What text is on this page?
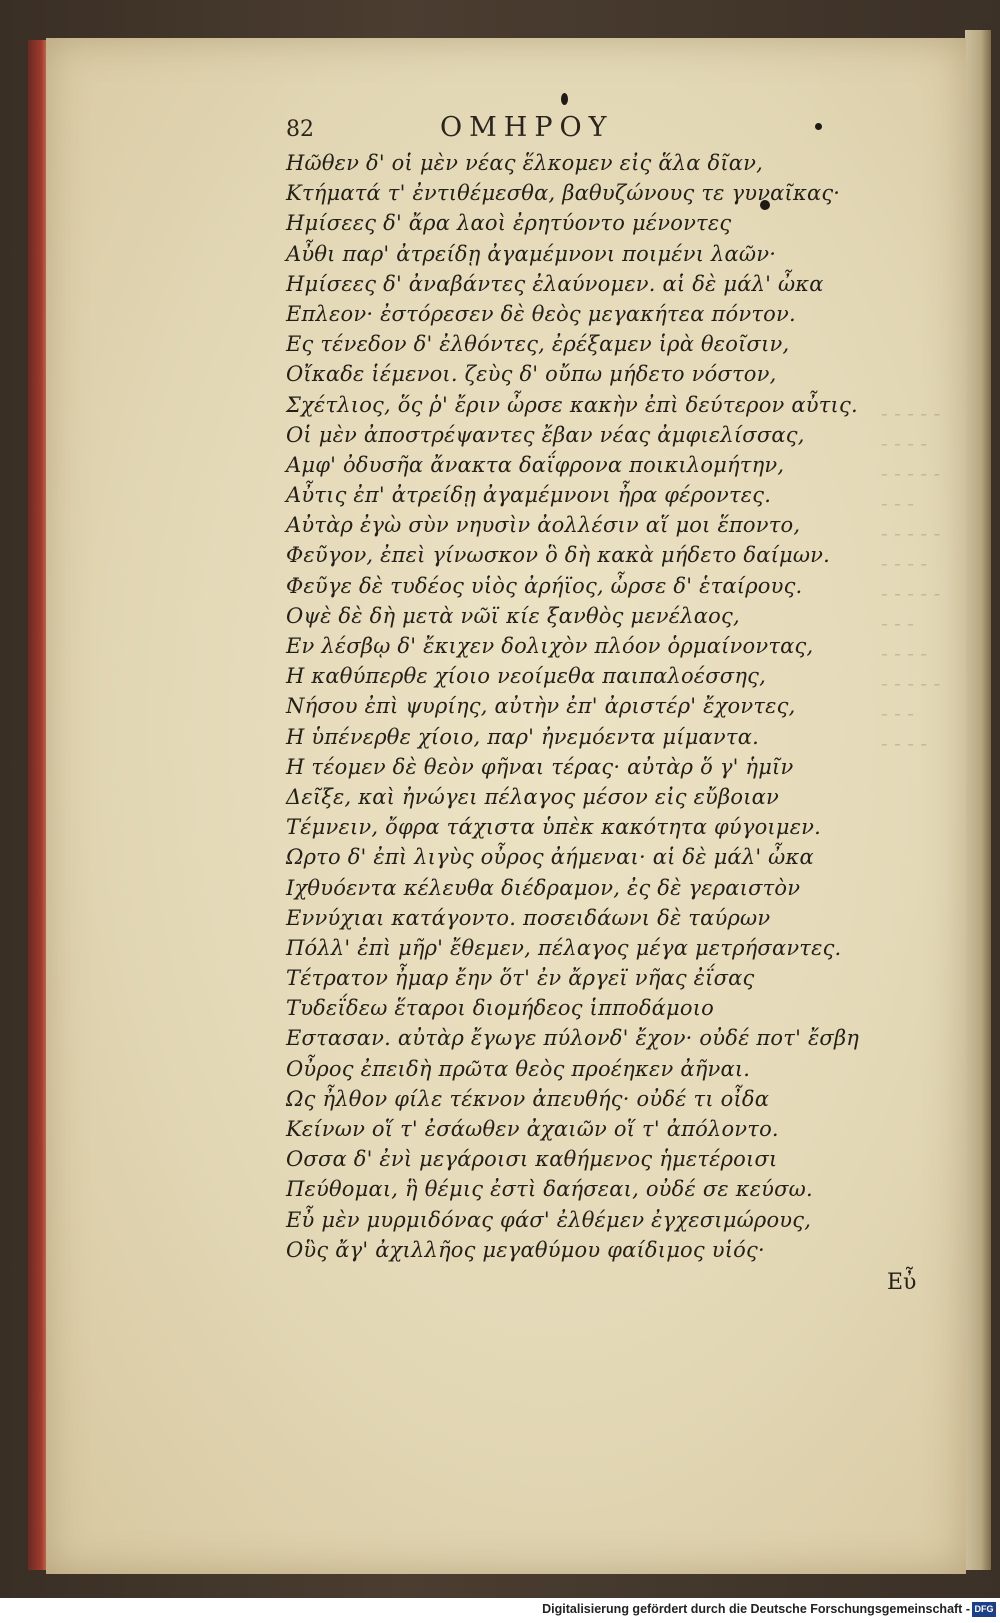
- - - - -
- - - -
- - - - -
- - -
- - - - -
- - - -
- - - - -
- - -
- - - -
- - - - -
- - -
- - - -
82	ΟΜΗΡΟΥ
Ηῶθεν δ' οἱ μὲν νέας ἕλκομεν εἰς ἅλα δῖαν,
Κτήματά τ' ἐντιθέμεσθα, βαθυζώνους τε γυναῖκας·
Ημίσεες δ' ἄρα λαοὶ ἐρητύοντο μένοντες
Αὖθι παρ' ἀτρείδῃ ἀγαμέμνονι ποιμένι λαῶν·
Ημίσεες δ' ἀναβάντες ἐλαύνομεν. αἱ δὲ μάλ' ὦκα
Επλεον· ἐστόρεσεν δὲ θεὸς μεγακήτεα πόντον.
Ες τένεδον δ' ἐλθόντες, ἐρέξαμεν ἱρὰ θεοῖσιν,
Οἴκαδε ἱέμενοι. ζεὺς δ' οὔπω μήδετο νόστον,
Σχέτλιος, ὅς ῥ' ἔριν ὦρσε κακὴν ἐπὶ δεύτερον αὖτις.
Οἱ μὲν ἀποστρέψαντες ἔβαν νέας ἀμφιελίσσας,
Αμφ' ὀδυσῆα ἄνακτα δαΐφρονα ποικιλομήτην,
Αὖτις ἐπ' ἀτρείδῃ ἀγαμέμνονι ἦρα φέροντες.
Αὐτὰρ ἐγὼ σὺν νηυσὶν ἀολλέσιν αἵ μοι ἕποντο,
Φεῦγον, ἐπεὶ γίνωσκον ὃ δὴ κακὰ μήδετο δαίμων.
Φεῦγε δὲ τυδέος υἱὸς ἀρήϊος, ὦρσε δ' ἑταίρους.
Οψὲ δὲ δὴ μετὰ νῶϊ κίε ξανθὸς μενέλαος,
Εν λέσβῳ δ' ἔκιχεν δολιχὸν πλόον ὁρμαίνοντας,
Η καθύπερθε χίοιο νεοίμεθα παιπαλοέσσης,
Νήσου ἐπὶ ψυρίης, αὐτὴν ἐπ' ἀριστέρ' ἔχοντες,
Η ὑπένερθε χίοιο, παρ' ἠνεμόεντα μίμαντα.
Η τέομεν δὲ θεὸν φῆναι τέρας· αὐτὰρ ὅ γ' ἡμῖν
Δεῖξε, καὶ ἠνώγει πέλαγος μέσον εἰς εὔβοιαν
Τέμνειν, ὄφρα τάχιστα ὑπὲκ κακότητα φύγοιμεν.
Ωρτο δ' ἐπὶ λιγὺς οὖρος ἀήμεναι· αἱ δὲ μάλ' ὦκα
Ιχθυόεντα κέλευθα διέδραμον, ἐς δὲ γεραιστὸν
Εννύχιαι κατάγοντο. ποσειδάωνι δὲ ταύρων
Πόλλ' ἐπὶ μῆρ' ἔθεμεν, πέλαγος μέγα μετρήσαντες.
Τέτρατον ἦμαρ ἔην ὅτ' ἐν ἄργεϊ νῆας ἐΐσας
Τυδεΐδεω ἕταροι διομήδεος ἱπποδάμοιο
Εστασαν. αὐτὰρ ἔγωγε πύλονδ' ἔχον· οὐδέ ποτ' ἔσβη
Οὖρος ἐπειδὴ πρῶτα θεὸς προέηκεν ἀῆναι.
Ως ἦλθον φίλε τέκνον ἀπευθής· οὐδέ τι οἶδα
Κείνων οἵ τ' ἐσάωθεν ἀχαιῶν οἵ τ' ἀπόλοντο.
Οσσα δ' ἐνὶ μεγάροισι καθήμενος ἡμετέροισι
Πεύθομαι, ἣ θέμις ἐστὶ δαήσεαι, οὐδέ σε κεύσω.
Εὖ μὲν μυρμιδόνας φάσ' ἐλθέμεν ἐγχεσιμώρους,
Οὓς ἄγ' ἀχιλλῆος μεγαθύμου φαίδιμος υἱός·
Εὖ
Digitalisierung gefördert durch die Deutsche Forschungsgemeinschaft - DFG
